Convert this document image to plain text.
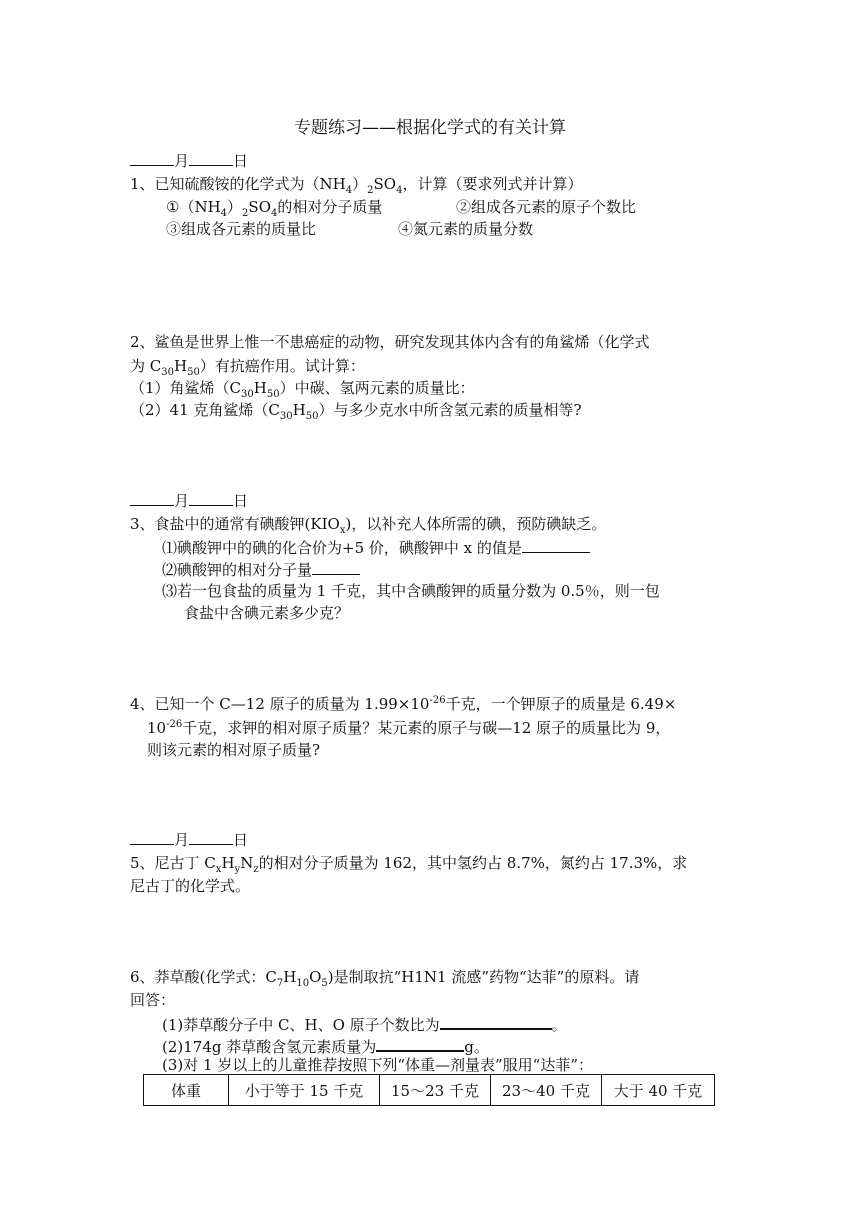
专题练习——根据化学式的有关计算
月	日
1、已知硫酸铵的化学式为$(NH_4)_2SO_4$，计算（要求列式并计算）
$①(NH_4)_2SO_4$的相对分子质量	②组成各元素的原子个数比
③组成各元素的质量比	④氮元素的质量分数
2、鲨鱼是世界上惟一不患癌症的动物，研究发现其体内含有的角鲨烯（化学式
为 $C_{30}H_{50}$）有抗癌作用。试计算：
（1）角鲨烯$(C_{30}H_{50})$中碳、氢两元素的质量比：
（2）41 克角鲨烯$(C_{30}H_{50})$与多少克水中所含氢元素的质量相等?
月	日
3、食盐中的通常有碘酸钾$(KIO_x)$，以补充人体所需的碘，预防碘缺乏。
⑴碘酸钾中的碘的化合价为+5 价，碘酸钾中 x 的值是
⑵碘酸钾的相对分子量
⑶若一包食盐的质量为 1 千克，其中含碘酸钾的质量分数为 0.5％，则一包
食盐中含碘元素多少克？
4、已知一个 C—12 原子的质量为 $1.99\times 10^{-26}$千克，一个钾原子的质量是 6.49×
$10^{-26}$千克，求钾的相对原子质量？某元素的原子与碳—12 原子的质量比为 9，
则该元素的相对原子质量?
月	日
5、尼古丁 $C_xH_yN_z$的相对分子质量为 162，其中氢约占 8.7%，氮约占 17.3%，求
尼古丁的化学式。
6、莽草酸(化学式：$C_7H_{10}O_5$)是制取抗“H1N1 流感”药物“达菲”的原料。请
回答：
(1)莽草酸分子中 C、H、O 原子个数比为	。
(2)174g 莽草酸含氢元素质量为	g。
(3)对 1 岁以上的儿童推荐按照下列“体重—剂量表”服用“达菲”：
体重	小于等于 15 千克	15～23 千克	23～40 千克	大于 40 千克
